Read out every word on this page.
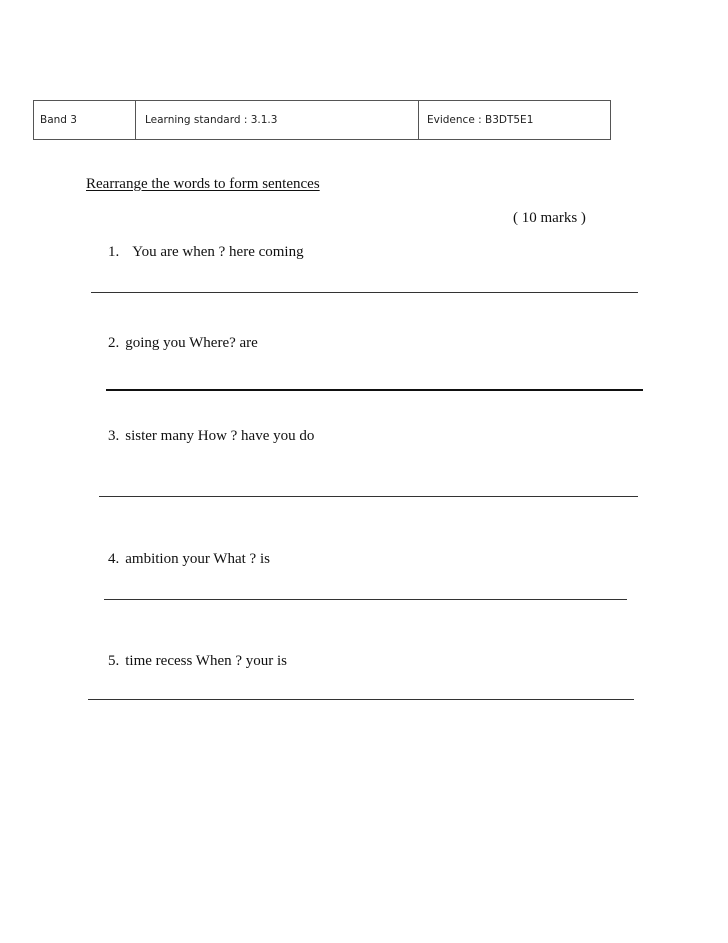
Band 3	Learning standard : 3.1.3	Evidence : B3DT5E1
Rearrange the words to form sentences
( 10 marks )
1. You are when ? here coming
2. going you Where? are
3. sister many How ? have you do
4. ambition your What ? is
5. time recess When ? your is
